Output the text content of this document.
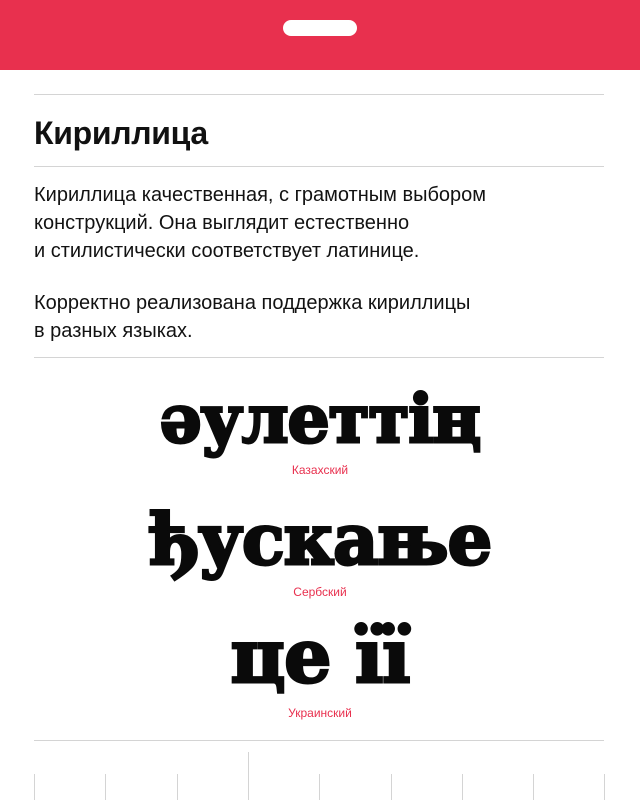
Кириллица

Кириллица качественная, с грамотным выбором
конструкций. Она выглядит естественно
и стилистически соответствует латинице.

Корректно реализована поддержка кириллицы
в разных языках.

әулеттің
Казахский
ђускање
Сербский
це її
Украинский
